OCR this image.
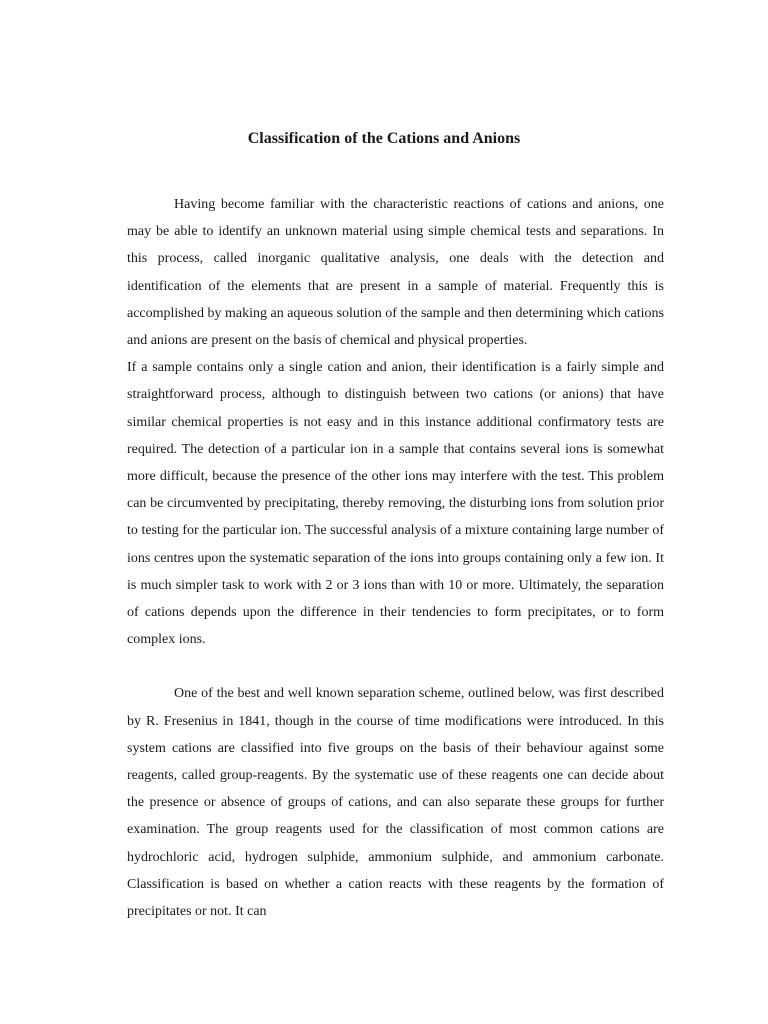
Classification of the Cations and Anions

Having become familiar with the characteristic reactions of cations and anions, one may be able to identify an unknown material using simple chemical tests and separations. In this process, called inorganic qualitative analysis, one deals with the detection and identification of the elements that are present in a sample of material. Frequently this is accomplished by making an aqueous solution of the sample and then determining which cations and anions are present on the basis of chemical and physical properties.

If a sample contains only a single cation and anion, their identification is a fairly simple and straightforward process, although to distinguish between two cations (or anions) that have similar chemical properties is not easy and in this instance additional confirmatory tests are required. The detection of a particular ion in a sample that contains several ions is somewhat more difficult, because the presence of the other ions may interfere with the test. This problem can be circumvented by precipitating, thereby removing, the disturbing ions from solution prior to testing for the particular ion. The successful analysis of a mixture containing large number of ions centres upon the systematic separation of the ions into groups containing only a few ion. It is much simpler task to work with 2 or 3 ions than with 10 or more. Ultimately, the separation of cations depends upon the difference in their tendencies to form precipitates, or to form complex ions.

One of the best and well known separation scheme, outlined below, was first described by R. Fresenius in 1841, though in the course of time modifications were introduced. In this system cations are classified into five groups on the basis of their behaviour against some reagents, called group-reagents. By the systematic use of these reagents one can decide about the presence or absence of groups of cations, and can also separate these groups for further examination. The group reagents used for the classification of most common cations are hydrochloric acid, hydrogen sulphide, ammonium sulphide, and ammonium carbonate. Classification is based on whether a cation reacts with these reagents by the formation of precipitates or not. It can
